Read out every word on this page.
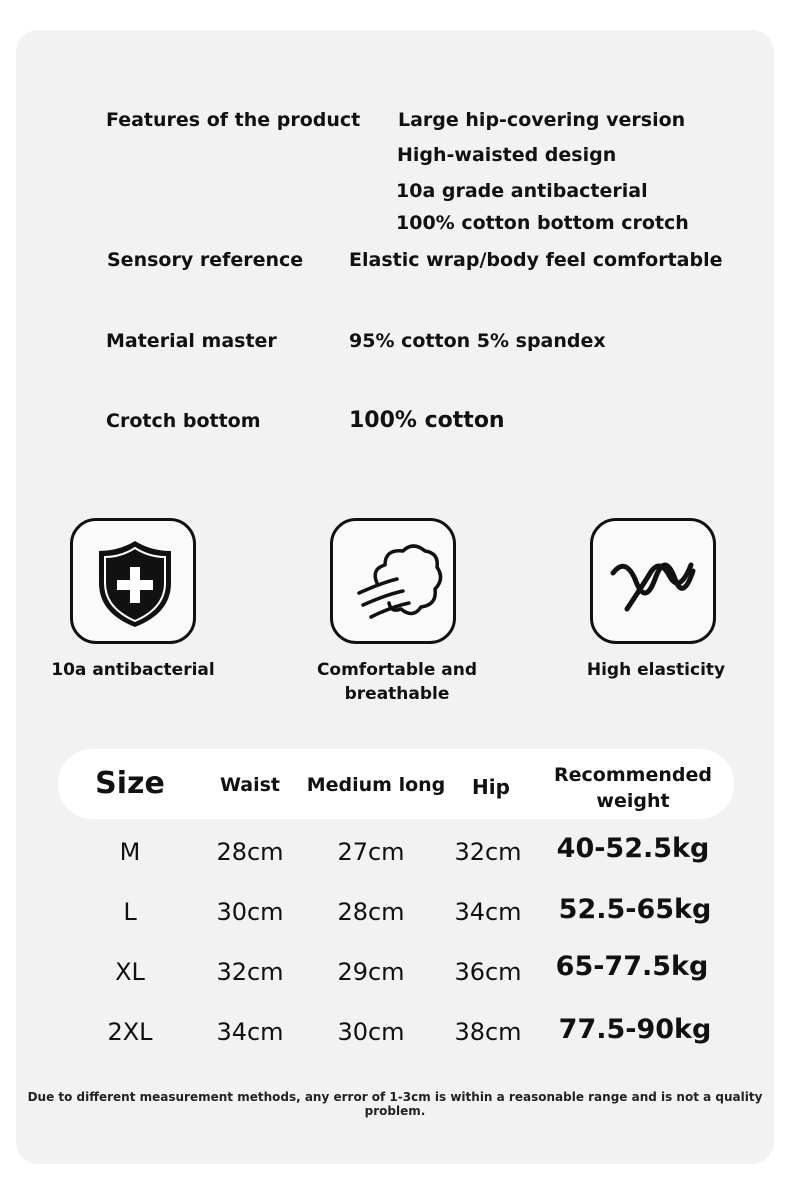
Features of the product Large hip-covering version
High-waisted design
10a grade antibacterial
100% cotton bottom crotch
Sensory reference Elastic wrap/body feel comfortable
Material master	95% cotton 5% spandex
Crotch bottom	100% cotton
10a antibacterial	Comfortable and
breathable
High elasticity
Size	Waist	Medium long	Hip	Recommended
weight
M	28cm	27cm	32cm	40-52.5kg
L	30cm	28cm	34cm	52.5-65kg
XL	32cm	29cm	36cm	65-77.5kg
2XL	34cm	30cm	38cm	77.5-90kg
Due to different measurement methods, any error of 1-3cm is within a reasonable range and is not a quality problem.
